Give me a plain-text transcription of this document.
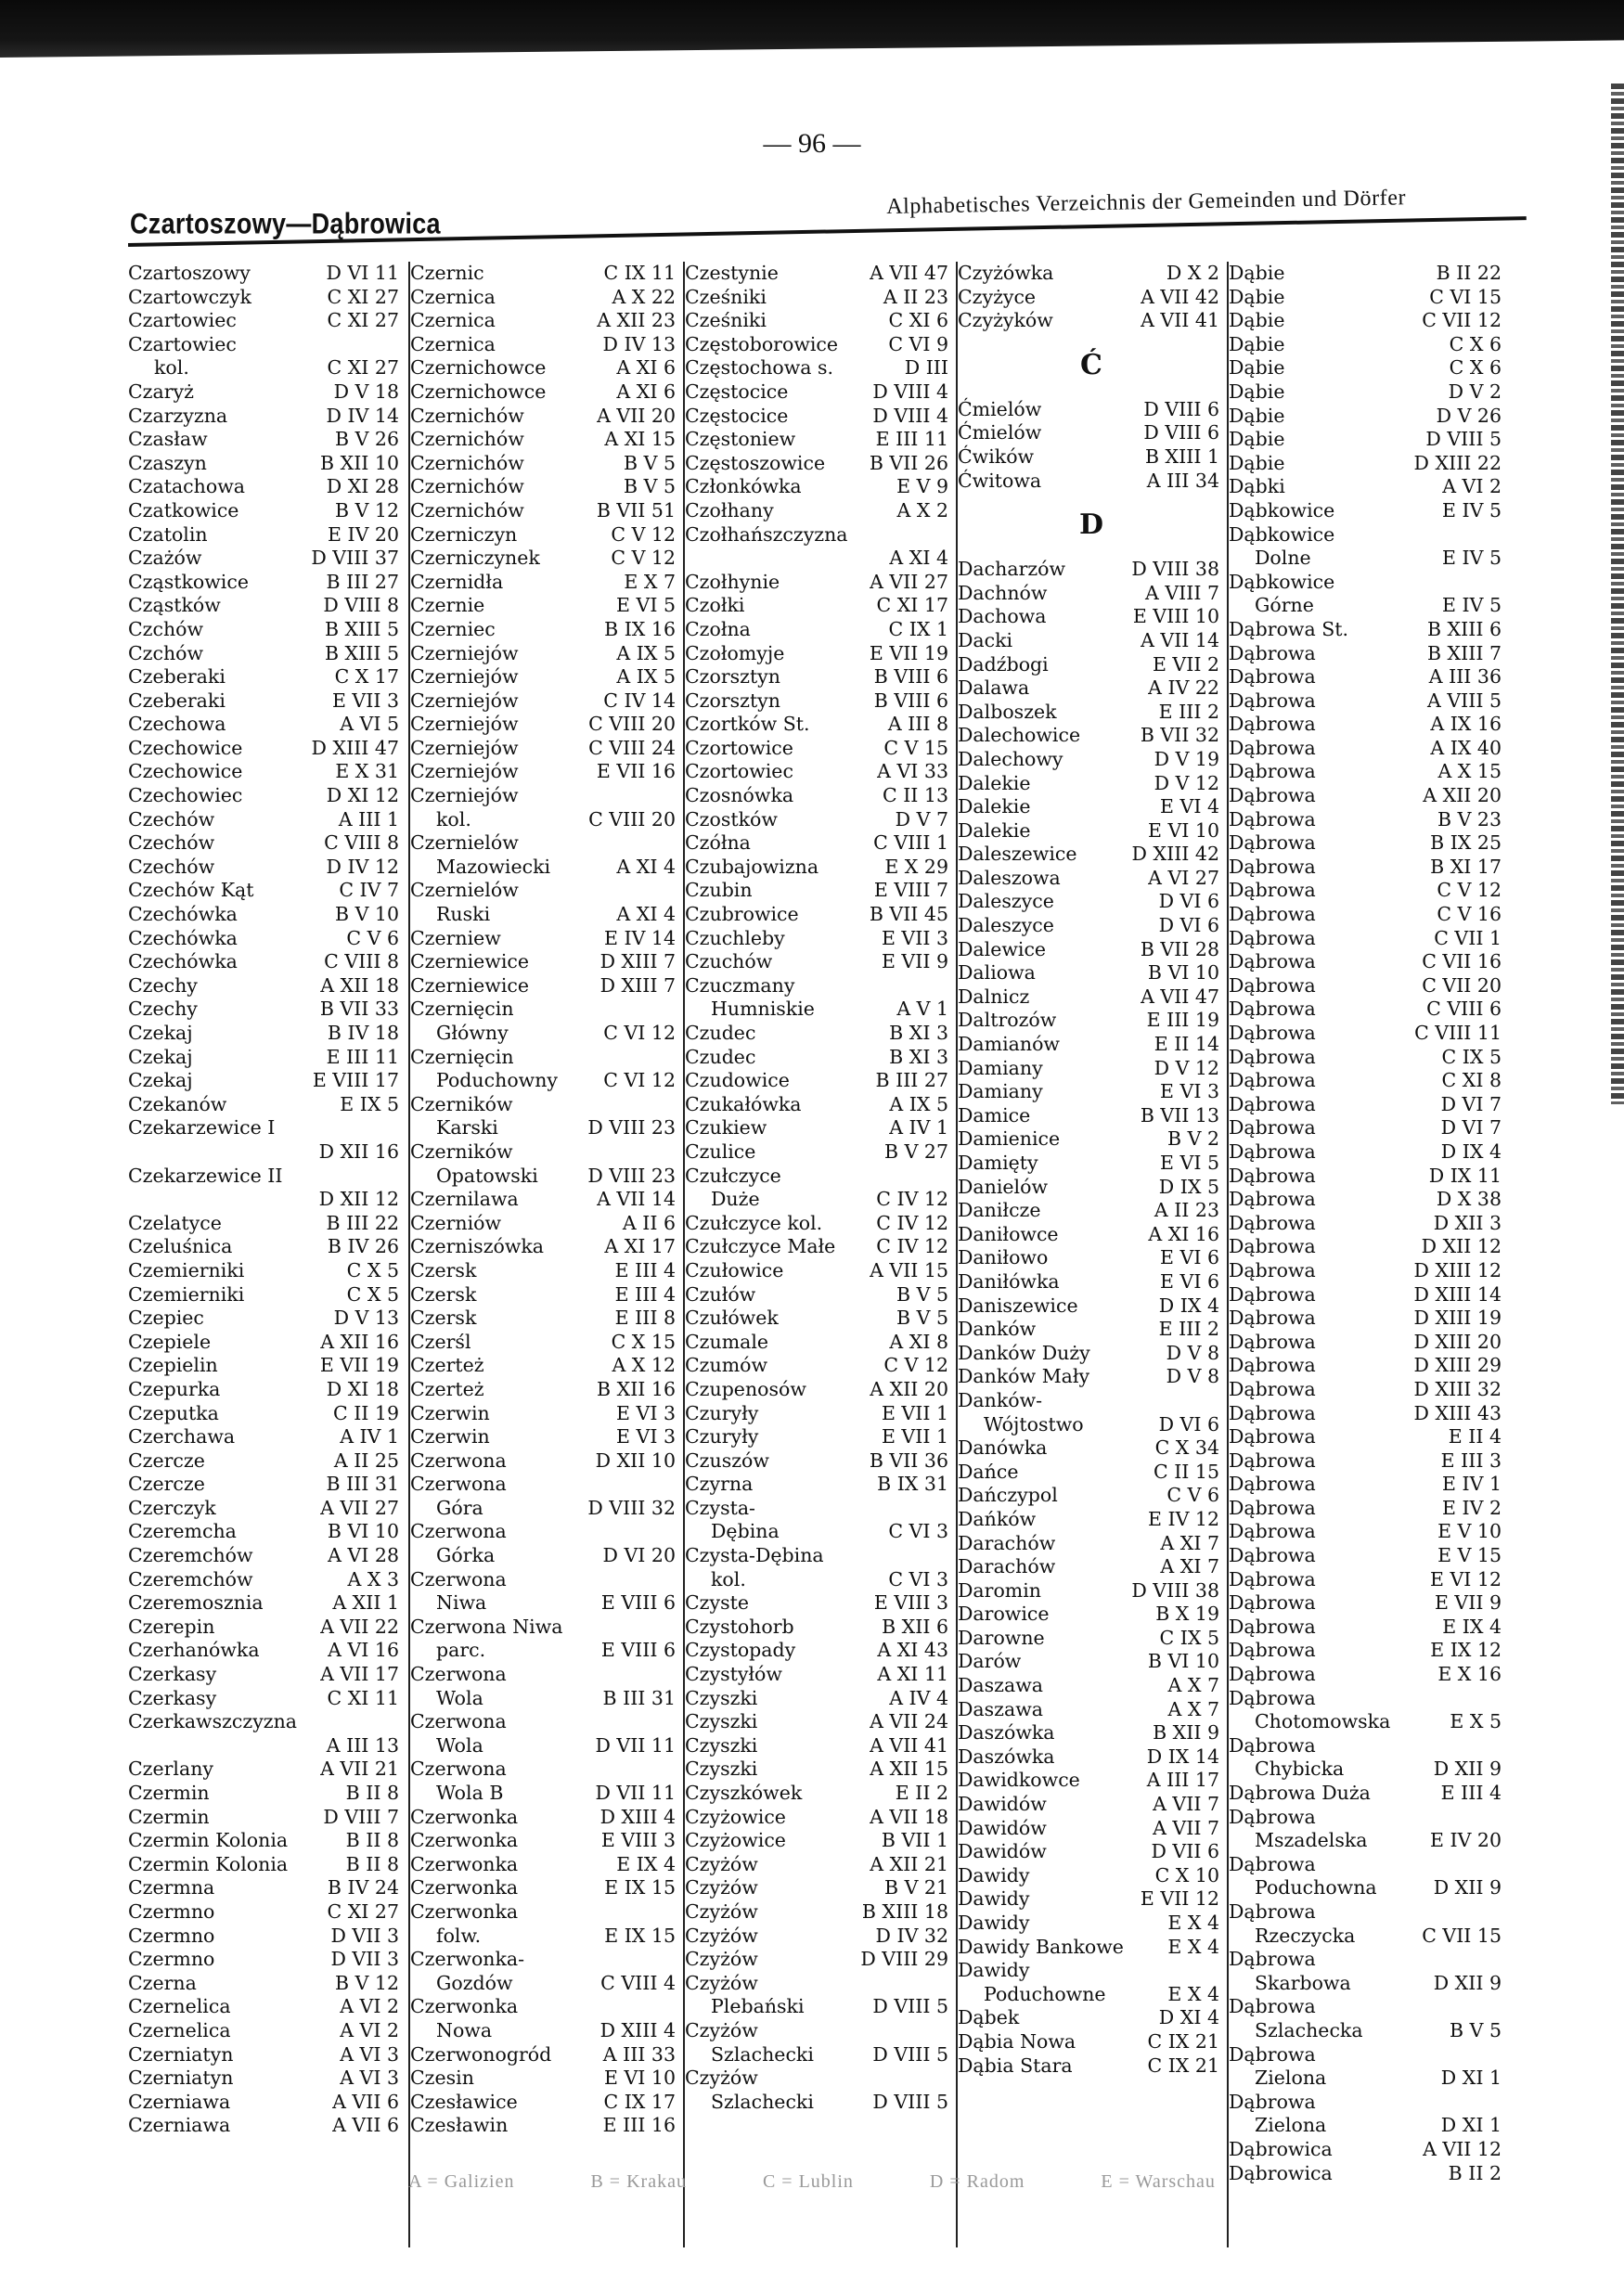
— 96 —
Czartoszowy—Dąbrowica
Alphabetisches Verzeichnis der Gemeinden und Dörfer
Czartoszowy	D VI 11
Czartowczyk	C XI 27
Czartowiec	C XI 27
Czartowiec
kol.	C XI 27
Czaryż	D V 18
Czarzyzna	D IV 14
Czasław	B V 26
Czaszyn	B XII 10
Czatachowa	D XI 28
Czatkowice	B V 12
Czatolin	E IV 20
Czażów	D VIII 37
Cząstkowice	B III 27
Cząstków	D VIII 8
Czchów	B XIII 5
Czchów	B XIII 5
Czeberaki	C X 17
Czeberaki	E VII 3
Czechowa	A VI 5
Czechowice	D XIII 47
Czechowice	E X 31
Czechowiec	D XI 12
Czechów	A III 1
Czechów	C VIII 8
Czechów	D IV 12
Czechów Kąt	C IV 7
Czechówka	B V 10
Czechówka	C V 6
Czechówka	C VIII 8
Czechy	A XII 18
Czechy	B VII 33
Czekaj	B IV 18
Czekaj	E III 11
Czekaj	E VIII 17
Czekanów	E IX 5
Czekarzewice I

D XII 16
Czekarzewice II

D XII 12
Czelatyce	B III 22
Czeluśnica	B IV 26
Czemierniki	C X 5
Czemierniki	C X 5
Czepiec	D V 13
Czepiele	A XII 16
Czepielin	E VII 19
Czepurka	D XI 18
Czeputka	C II 19
Czerchawa	A IV 1
Czercze	A II 25
Czercze	B III 31
Czerczyk	A VII 27
Czeremcha	B VI 10
Czeremchów	A VI 28
Czeremchów	A X 3
Czeremosznia	A XII 1
Czerepin	A VII 22
Czerhanówka	A VI 16
Czerkasy	A VII 17
Czerkasy	C XI 11
Czerkawszczyzna

A III 13
Czerlany	A VII 21
Czermin	B II 8
Czermin	D VIII 7
Czermin Kolonia	B II 8
Czermin Kolonia	B II 8
Czermna	B IV 24
Czermno	C XI 27
Czermno	D VII 3
Czermno	D VII 3
Czerna	B V 12
Czernelica	A VI 2
Czernelica	A VI 2
Czerniatyn	A VI 3
Czerniatyn	A VI 3
Czerniawa	A VII 6
Czerniawa	A VII 6
Czernic	C IX 11
Czernica	A X 22
Czernica	A XII 23
Czernica	D IV 13
Czernichowce	A XI 6
Czernichowce	A XI 6
Czernichów	A VII 20
Czernichów	A XI 15
Czernichów	B V 5
Czernichów	B V 5
Czernichów	B VII 51
Czerniczyn	C V 12
Czerniczynek	C V 12
Czernidła	E X 7
Czernie	E VI 5
Czerniec	B IX 16
Czerniejów	A IX 5
Czerniejów	A IX 5
Czerniejów	C IV 14
Czerniejów	C VIII 20
Czerniejów	C VIII 24
Czerniejów	E VII 16
Czerniejów
kol.	C VIII 20
Czernielów
Mazowiecki	A XI 4
Czernielów
Ruski	A XI 4
Czerniew	E IV 14
Czerniewice	D XIII 7
Czerniewice	D XIII 7
Czernięcin
Główny	C VI 12
Czernięcin
Poduchowny	C VI 12
Czerników
Karski	D VIII 23
Czerników
Opatowski	D VIII 23
Czernilawa	A VII 14
Czerniów	A II 6
Czerniszówka	A XI 17
Czersk	E III 4
Czersk	E III 4
Czersk	E III 8
Czerśl	C X 15
Czerteż	A X 12
Czerteż	B XII 16
Czerwin	E VI 3
Czerwin	E VI 3
Czerwona	D XII 10
Czerwona
Góra	D VIII 32
Czerwona
Górka	D VI 20
Czerwona
Niwa	E VIII 6
Czerwona Niwa
parc.	E VIII 6
Czerwona
Wola	B III 31
Czerwona
Wola	D VII 11
Czerwona
Wola B	D VII 11
Czerwonka	D XIII 4
Czerwonka	E VIII 3
Czerwonka	E IX 4
Czerwonka	E IX 15
Czerwonka
folw.	E IX 15
Czerwonka-
Gozdów	C VIII 4
Czerwonka
Nowa	D XIII 4
Czerwonogród	A III 33
Czesin	E VI 10
Czesławice	C IX 17
Czesławin	E III 16
Czestynie	A VII 47
Cześniki	A II 23
Cześniki	C XI 6
Częstoborowice	C VI 9
Częstochowa s.	D III
Częstocice	D VIII 4
Częstocice	D VIII 4
Częstoniew	E III 11
Częstoszowice	B VII 26
Członkówka	E V 9
Czołhany	A X 2
Czołhańszczyzna

A XI 4
Czołhynie	A VII 27
Czołki	C XI 17
Czołna	C IX 1
Czołomyje	E VII 19
Czorsztyn	B VIII 6
Czorsztyn	B VIII 6
Czortków St.	A III 8
Czortowice	C V 15
Czortowiec	A VI 33
Czosnówka	C II 13
Czostków	D V 7
Czółna	C VIII 1
Czubajowizna	E X 29
Czubin	E VIII 7
Czubrowice	B VII 45
Czuchleby	E VII 3
Czuchów	E VII 9
Czuczmany
Humniskie	A V 1
Czudec	B XI 3
Czudec	B XI 3
Czudowice	B III 27
Czukałówka	A IX 5
Czukiew	A IV 1
Czulice	B V 27
Czułczyce
Duże	C IV 12
Czułczyce kol.	C IV 12
Czułczyce Małe	C IV 12
Czułowice	A VII 15
Czułów	B V 5
Czułówek	B V 5
Czumale	A XI 8
Czumów	C V 12
Czupenosów	A XII 20
Czuryły	E VII 1
Czuryły	E VII 1
Czuszów	B VII 36
Czyrna	B IX 31
Czysta-
Dębina	C VI 3
Czysta-Dębina
kol.	C VI 3
Czyste	E VIII 3
Czystohorb	B XII 6
Czystopady	A XI 43
Czystyłów	A XI 11
Czyszki	A IV 4
Czyszki	A VII 24
Czyszki	A VII 41
Czyszki	A XII 15
Czyszkówek	E II 2
Czyżowice	A VII 18
Czyżowice	B VII 1
Czyżów	A XII 21
Czyżów	B V 21
Czyżów	B XIII 18
Czyżów	D IV 32
Czyżów	D VIII 29
Czyżów
Plebański	D VIII 5
Czyżów
Szlachecki	D VIII 5
Czyżów
Szlachecki	D VIII 5
Czyżówka	D X 2
Czyżyce	A VII 42
Czyżyków	A VII 41
Ć
Ćmielów	D VIII 6
Ćmielów	D VIII 6
Ćwików	B XIII 1
Ćwitowa	A III 34
D
Dacharzów	D VIII 38
Dachnów	A VIII 7
Dachowa	E VIII 10
Dacki	A VII 14
Dadźbogi	E VII 2
Dalawa	A IV 22
Dalboszek	E III 2
Dalechowice	B VII 32
Dalechowy	D V 19
Dalekie	D V 12
Dalekie	E VI 4
Dalekie	E VI 10
Daleszewice	D XIII 42
Daleszowa	A VI 27
Daleszyce	D VI 6
Daleszyce	D VI 6
Dalewice	B VII 28
Daliowa	B VI 10
Dalnicz	A VII 47
Daltrozów	E III 19
Damianów	E II 14
Damiany	D V 12
Damiany	E VI 3
Damice	B VII 13
Damienice	B V 2
Damięty	E VI 5
Danielów	D IX 5
Daniłcze	A II 23
Daniłowce	A XI 16
Daniłowo	E VI 6
Daniłówka	E VI 6
Daniszewice	D IX 4
Danków	E III 2
Danków Duży	D V 8
Danków Mały	D V 8
Danków-
Wójtostwo	D VI 6
Danówka	C X 34
Dańce	C II 15
Dańczypol	C V 6
Dańków	E IV 12
Darachów	A XI 7
Darachów	A XI 7
Daromin	D VIII 38
Darowice	B X 19
Darowne	C IX 5
Darów	B VI 10
Daszawa	A X 7
Daszawa	A X 7
Daszówka	B XII 9
Daszówka	D IX 14
Dawidkowce	A III 17
Dawidów	A VII 7
Dawidów	A VII 7
Dawidów	D VII 6
Dawidy	C X 10
Dawidy	E VII 12
Dawidy	E X 4
Dawidy Bankowe	E X 4
Dawidy
Poduchowne	E X 4
Dąbek	D XI 4
Dąbia Nowa	C IX 21
Dąbia Stara	C IX 21
Dąbie	B II 22
Dąbie	C VI 15
Dąbie	C VII 12
Dąbie	C X 6
Dąbie	C X 6
Dąbie	D V 2
Dąbie	D V 26
Dąbie	D VIII 5
Dąbie	D XIII 22
Dąbki	A VI 2
Dąbkowice	E IV 5
Dąbkowice
Dolne	E IV 5
Dąbkowice
Górne	E IV 5
Dąbrowa St.	B XIII 6
Dąbrowa	B XIII 7
Dąbrowa	A III 36
Dąbrowa	A VIII 5
Dąbrowa	A IX 16
Dąbrowa	A IX 40
Dąbrowa	A X 15
Dąbrowa	A XII 20
Dąbrowa	B V 23
Dąbrowa	B IX 25
Dąbrowa	B XI 17
Dąbrowa	C V 12
Dąbrowa	C V 16
Dąbrowa	C VII 1
Dąbrowa	C VII 16
Dąbrowa	C VII 20
Dąbrowa	C VIII 6
Dąbrowa	C VIII 11
Dąbrowa	C IX 5
Dąbrowa	C XI 8
Dąbrowa	D VI 7
Dąbrowa	D VI 7
Dąbrowa	D IX 4
Dąbrowa	D IX 11
Dąbrowa	D X 38
Dąbrowa	D XII 3
Dąbrowa	D XII 12
Dąbrowa	D XIII 12
Dąbrowa	D XIII 14
Dąbrowa	D XIII 19
Dąbrowa	D XIII 20
Dąbrowa	D XIII 29
Dąbrowa	D XIII 32
Dąbrowa	D XIII 43
Dąbrowa	E II 4
Dąbrowa	E III 3
Dąbrowa	E IV 1
Dąbrowa	E IV 2
Dąbrowa	E V 10
Dąbrowa	E V 15
Dąbrowa	E VI 12
Dąbrowa	E VII 9
Dąbrowa	E IX 4
Dąbrowa	E IX 12
Dąbrowa	E X 16
Dąbrowa
Chotomowska	E X 5
Dąbrowa
Chybicka	D XII 9
Dąbrowa Duża	E III 4
Dąbrowa
Mszadelska	E IV 20
Dąbrowa
Poduchowna	D XII 9
Dąbrowa
Rzeczycka	C VII 15
Dąbrowa
Skarbowa	D XII 9
Dąbrowa
Szlachecka	B V 5
Dąbrowa
Zielona	D XI 1
Dąbrowa
Zielona	D XI 1
Dąbrowica	A VII 12
Dąbrowica	B II 2
A = Galizien	B = Krakau	C = Lublin	D = Radom	E = Warschau
